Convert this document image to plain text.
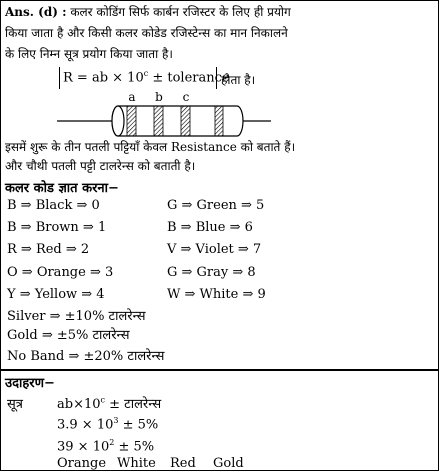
Ans. (d) : कलर कोडिंग सिर्फ कार्बन रजिस्टर के लिए ही प्रयोग
किया जाता है और किसी कलर कोडेड रजिस्टेन्स का मान निकालने
के लिए निम्न सूत्र प्रयोग किया जाता है।
R = ab × $10^c$ ± tolerance
होता है।
a b c
इसमें शुरू के तीन पतली पट्टियाँ केवल Resistance को बताते हैं।
और चौथी पतली पट्टी टालरेन्स को बताती है।
कलर कोड ज्ञात करना−
B ⇒ Black ⇒ 0
B ⇒ Brown ⇒ 1
R ⇒ Red ⇒ 2
O ⇒ Orange ⇒ 3
Y ⇒ Yellow ⇒ 4
G ⇒ Green ⇒ 5
B ⇒ Blue ⇒ 6
V ⇒ Violet ⇒ 7
G ⇒ Gray ⇒ 8
W ⇒ White ⇒ 9
Silver ⇒ ±10% टालरेन्स
Gold ⇒ ±5% टालरेन्स
No Band ⇒ ±20% टालरेन्स
उदाहरण−
सूत्र	$ab\times 10^c$ ± टालरेन्स
$3.9 \times 10^3 \pm 5\%$
$39 \times 10^2 \pm 5\%$
Orange White Red Gold
